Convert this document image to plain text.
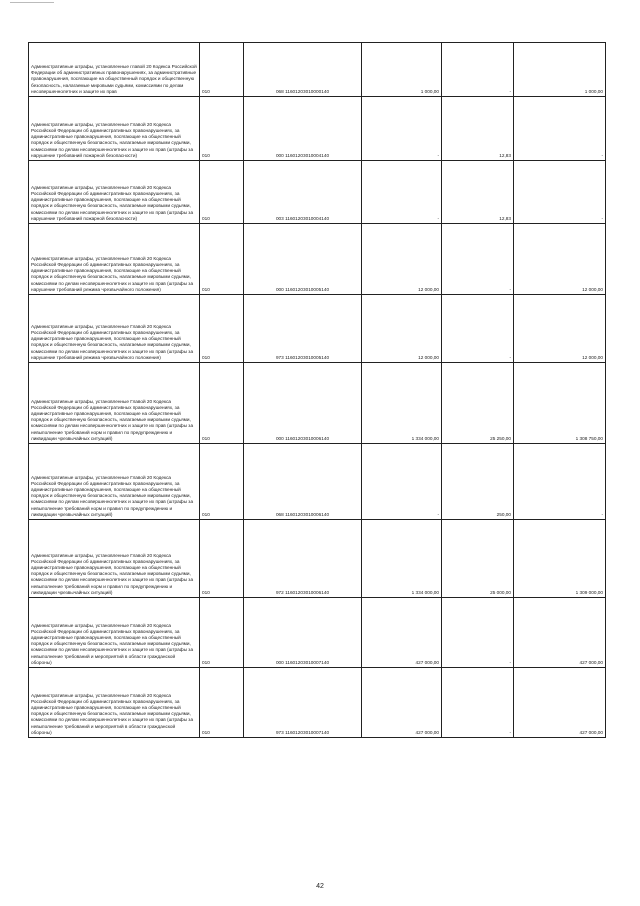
Административные штрафы, установленные главой 20 Кодекса Российской Федерации об административных правонарушениях, за административные правонарушения, посягающие на общественный порядок и общественную безопасность, налагаемые мировыми судьями, комиссиями по делам несовершеннолетних и защите их прав	010	068 11601203010000140	1 000,00	-	1 000,00
Административные штрафы, установленные Главой 20 Кодекса Российской Федерации об административных правонарушениях, за административные правонарушения, посягающие на общественный порядок и общественную безопасность, налагаемые мировыми судьями, комиссиями по делам несовершеннолетних и защите их прав (штрафы за нарушение требований пожарной безопасности)	010	000 11601203010004140	-	12,83	-
Административные штрафы, установленные Главой 20 Кодекса Российской Федерации об административных правонарушениях, за административные правонарушения, посягающие на общественный порядок и общественную безопасность, налагаемые мировыми судьями, комиссиями по делам несовершеннолетних и защите их прав (штрафы за нарушение требований пожарной безопасности)	010	003 11601203010004140	-	12,83	-
Административные штрафы, установленные Главой 20 Кодекса Российской Федерации об административных правонарушениях, за административные правонарушения, посягающие на общественный порядок и общественную безопасность, налагаемые мировыми судьями, комиссиями по делам несовершеннолетних и защите их прав (штрафы за нарушение требований режима чрезвычайного положения)	010	000 11601203010005140	12 000,00	-	12 000,00
Административные штрафы, установленные Главой 20 Кодекса Российской Федерации об административных правонарушениях, за административные правонарушения, посягающие на общественный порядок и общественную безопасность, налагаемые мировыми судьями, комиссиями по делам несовершеннолетних и защите их прав (штрафы за нарушение требований режима чрезвычайного положения)	010	973 11601203010005140	12 000,00	-	12 000,00
Административные штрафы, установленные Главой 20 Кодекса Российской Федерации об административных правонарушениях, за административные правонарушения, посягающие на общественный порядок и общественную безопасность, налагаемые мировыми судьями, комиссиями по делам несовершеннолетних и защите их прав (штрафы за невыполнение требований норм и правил по предупреждению и ликвидации чрезвычайных ситуаций)	010	000 11601203010006140	1 334 000,00	25 250,00	1 308 750,00
Административные штрафы, установленные Главой 20 Кодекса Российской Федерации об административных правонарушениях, за административные правонарушения, посягающие на общественный порядок и общественную безопасность, налагаемые мировыми судьями, комиссиями по делам несовершеннолетних и защите их прав (штрафы за невыполнение требований норм и правил по предупреждению и ликвидации чрезвычайных ситуаций)	010	068 11601203010006140	-	250,00	-
Административные штрафы, установленные Главой 20 Кодекса Российской Федерации об административных правонарушениях, за административные правонарушения, посягающие на общественный порядок и общественную безопасность, налагаемые мировыми судьями, комиссиями по делам несовершеннолетних и защите их прав (штрафы за невыполнение требований норм и правил по предупреждению и ликвидации чрезвычайных ситуаций)	010	972 11601203010006140	1 334 000,00	25 000,00	1 309 000,00
Административные штрафы, установленные Главой 20 Кодекса Российской Федерации об административных правонарушениях, за административные правонарушения, посягающие на общественный порядок и общественную безопасность, налагаемые мировыми судьями, комиссиями по делам несовершеннолетних и защите их прав (штрафы за невыполнение требований и мероприятий в области гражданской обороны)	010	000 11601203010007140	427 000,00	-	427 000,00
Административные штрафы, установленные Главой 20 Кодекса Российской Федерации об административных правонарушениях, за административные правонарушения, посягающие на общественный порядок и общественную безопасность, налагаемые мировыми судьями, комиссиями по делам несовершеннолетних и защите их прав (штрафы за невыполнение требований и мероприятий в области гражданской обороны)	010	973 11601203010007140	427 000,00	-	427 000,00
42
